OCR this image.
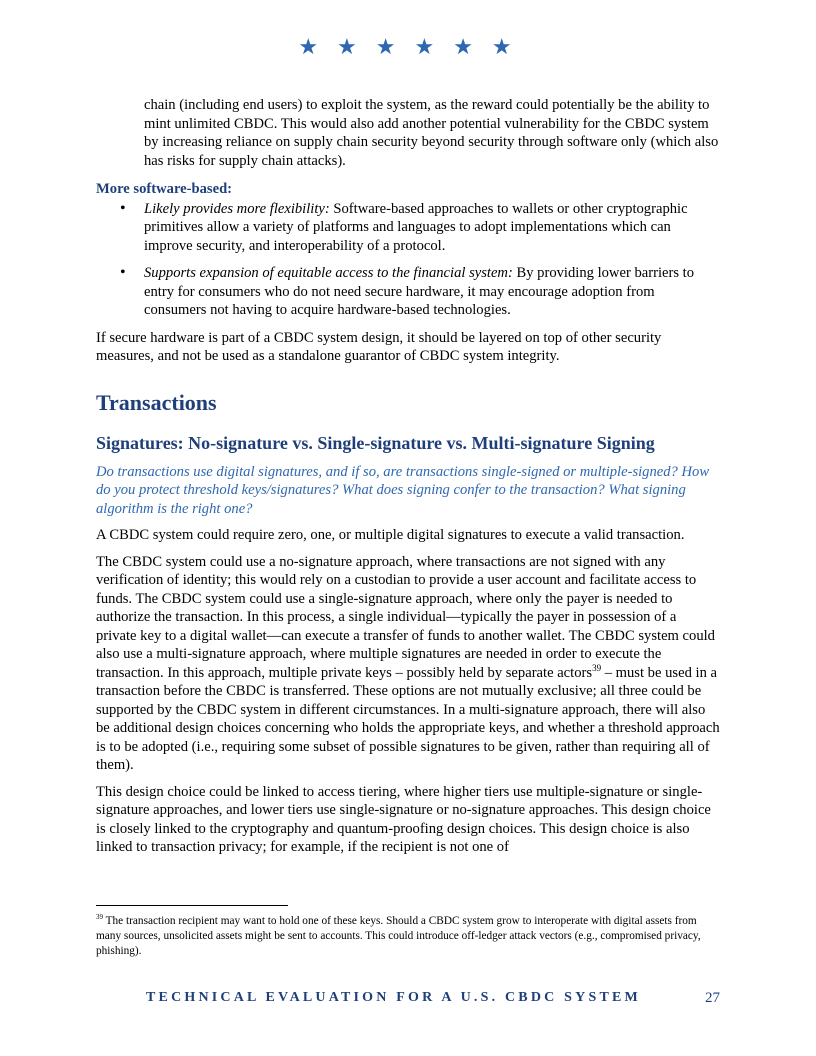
★ ★ ★ ★ ★ ★

chain (including end users) to exploit the system, as the reward could potentially be the ability to mint unlimited CBDC. This would also add another potential vulnerability for the CBDC system by increasing reliance on supply chain security beyond security through software only (which also has risks for supply chain attacks).

More software-based:
• Likely provides more flexibility: Software-based approaches to wallets or other cryptographic primitives allow a variety of platforms and languages to adopt implementations which can improve security, and interoperability of a protocol.
• Supports expansion of equitable access to the financial system: By providing lower barriers to entry for consumers who do not need secure hardware, it may encourage adoption from consumers not having to acquire hardware-based technologies.

If secure hardware is part of a CBDC system design, it should be layered on top of other security measures, and not be used as a standalone guarantor of CBDC system integrity.

Transactions
Signatures: No-signature vs. Single-signature vs. Multi-signature Signing

Do transactions use digital signatures, and if so, are transactions single-signed or multiple-signed? How do you protect threshold keys/signatures? What does signing confer to the transaction? What signing algorithm is the right one?

A CBDC system could require zero, one, or multiple digital signatures to execute a valid transaction.

The CBDC system could use a no-signature approach, where transactions are not signed with any verification of identity; this would rely on a custodian to provide a user account and facilitate access to funds. The CBDC system could use a single-signature approach, where only the payer is needed to authorize the transaction. In this process, a single individual—typically the payer in possession of a private key to a digital wallet—can execute a transfer of funds to another wallet. The CBDC system could also use a multi-signature approach, where multiple signatures are needed in order to execute the transaction. In this approach, multiple private keys – possibly held by separate actors$^{39}$ – must be used in a transaction before the CBDC is transferred. These options are not mutually exclusive; all three could be supported by the CBDC system in different circumstances. In a multi-signature approach, there will also be additional design choices concerning who holds the appropriate keys, and whether a threshold approach is to be adopted (i.e., requiring some subset of possible signatures to be given, rather than requiring all of them).

This design choice could be linked to access tiering, where higher tiers use multiple-signature or single-signature approaches, and lower tiers use single-signature or no-signature approaches. This design choice is closely linked to the cryptography and quantum-proofing design choices. This design choice is also linked to transaction privacy; for example, if the recipient is not one of

$^{39}$ The transaction recipient may want to hold one of these keys. Should a CBDC system grow to interoperate with digital assets from many sources, unsolicited assets might be sent to accounts. This could introduce off-ledger attack vectors (e.g., compromised privacy, phishing).
TECHNICAL EVALUATION FOR A U.S. CBDC SYSTEM	27
